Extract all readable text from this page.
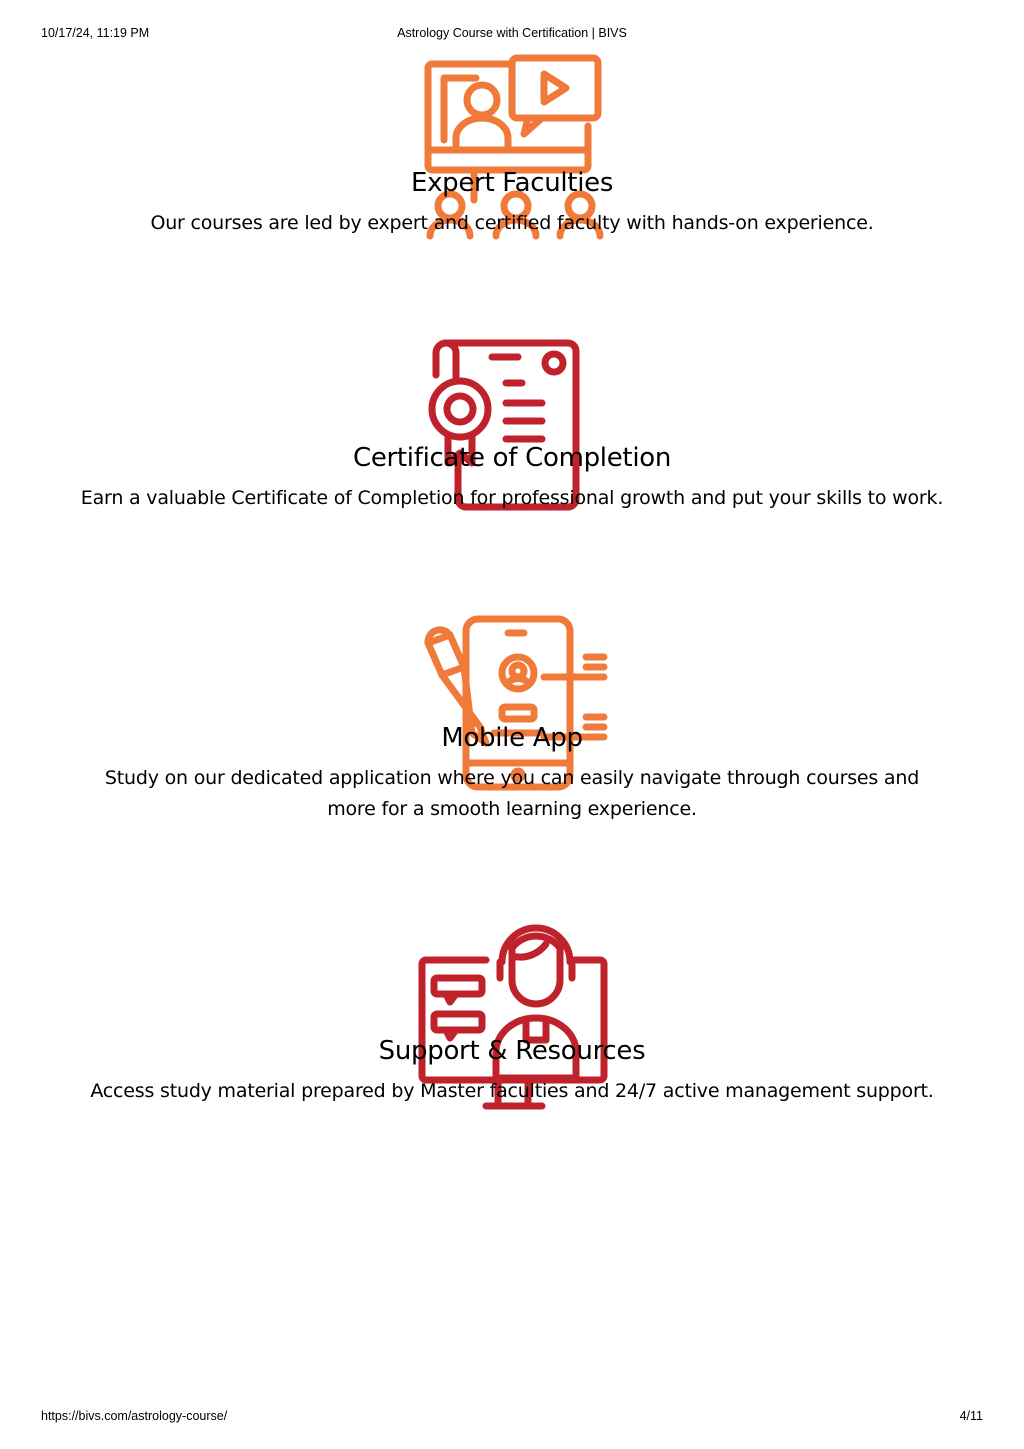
10/17/24, 11:19 PM	Astrology Course with Certification | BIVS
Expert Faculties

Our courses are led by expert and certified faculty with hands-on experience.

Certificate of Completion

Earn a valuable Certificate of Completion for professional growth and put your skills to work.

Mobile App

Study on our dedicated application where you can easily navigate through courses and more for a smooth learning experience.

Support & Resources

Access study material prepared by Master faculties and 24/7 active management support.

https://bivs.com/astrology-course/	4/11
